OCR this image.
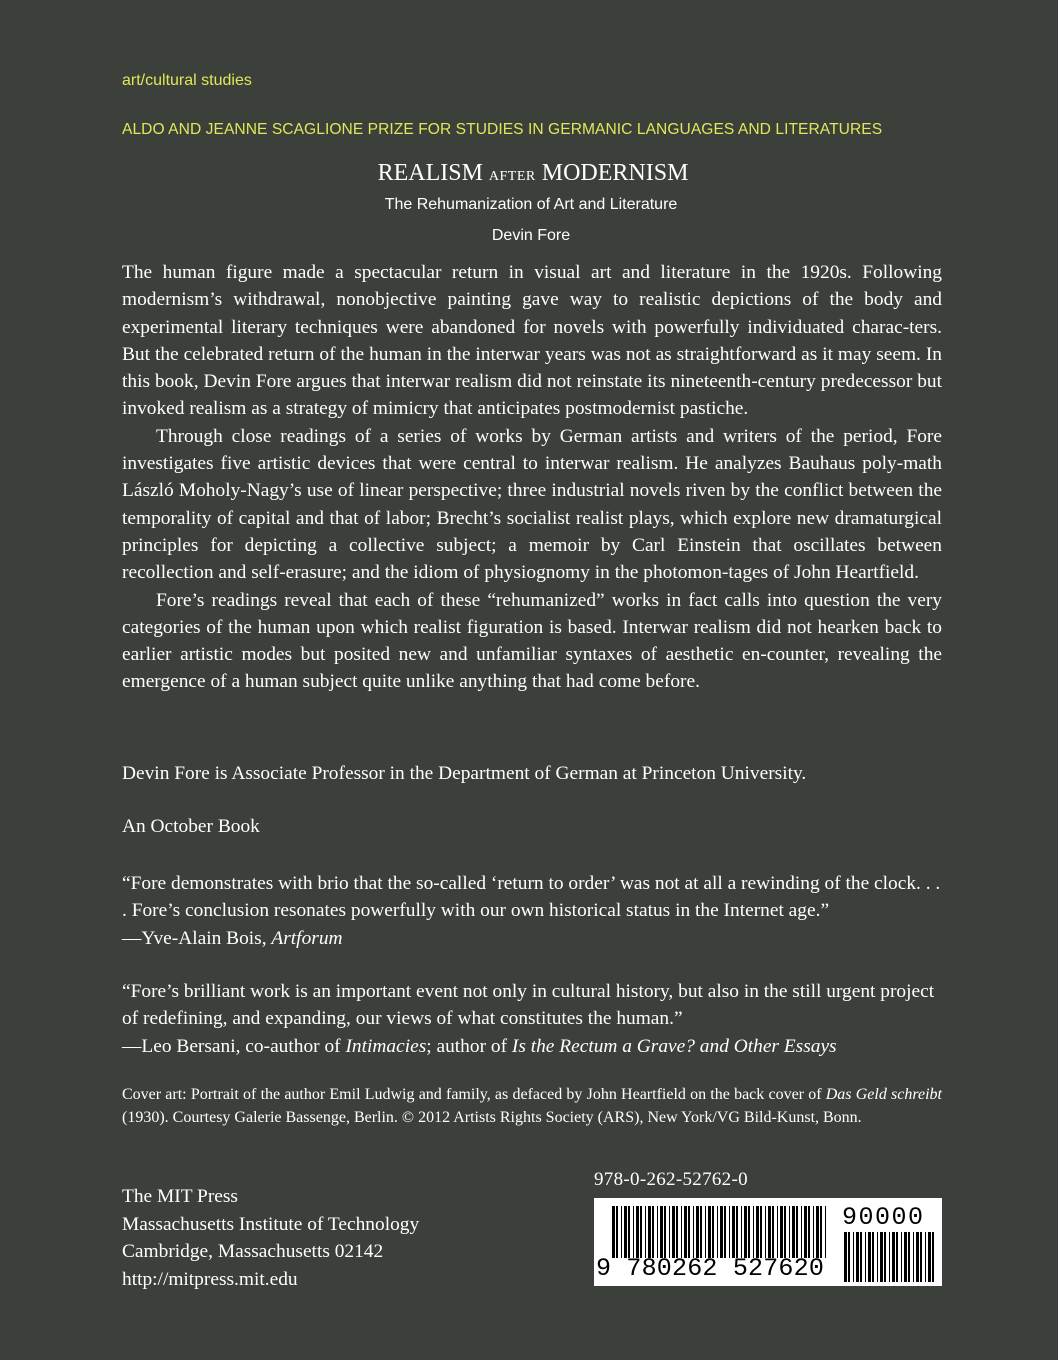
art/cultural studies
ALDO AND JEANNE SCAGLIONE PRIZE FOR STUDIES IN GERMANIC LANGUAGES AND LITERATURES
REALISM AFTER MODERNISM
The Rehumanization of Art and Literature
Devin Fore

The human figure made a spectacular return in visual art and literature in the 1920s. Following modernism’s withdrawal, nonobjective painting gave way to realistic depictions of the body and experimental literary techniques were abandoned for novels with powerfully individuated charac-ters. But the celebrated return of the human in the interwar years was not as straightforward as it may seem. In this book, Devin Fore argues that interwar realism did not reinstate its nineteenth-century predecessor but invoked realism as a strategy of mimicry that anticipates postmodernist pastiche.

Through close readings of a series of works by German artists and writers of the period, Fore investigates five artistic devices that were central to interwar realism. He analyzes Bauhaus poly-math László Moholy-Nagy’s use of linear perspective; three industrial novels riven by the conflict between the temporality of capital and that of labor; Brecht’s socialist realist plays, which explore new dramaturgical principles for depicting a collective subject; a memoir by Carl Einstein that oscillates between recollection and self-erasure; and the idiom of physiognomy in the photomon-tages of John Heartfield.

Fore’s readings reveal that each of these “rehumanized” works in fact calls into question the very categories of the human upon which realist figuration is based. Interwar realism did not hearken back to earlier artistic modes but posited new and unfamiliar syntaxes of aesthetic en-counter, revealing the emergence of a human subject quite unlike anything that had come before.

Devin Fore is Associate Professor in the Department of German at Princeton University.
An October Book

“Fore demonstrates with brio that the so-called ‘return to order’ was not at all a rewinding of the clock. . . . Fore’s conclusion resonates powerfully with our own historical status in the Internet age.”

—Yve-Alain Bois, Artforum

“Fore’s brilliant work is an important event not only in cultural history, but also in the still urgent project of redefining, and expanding, our views of what constitutes the human.”

—Leo Bersani, co-author of Intimacies; author of Is the Rectum a Grave? and Other Essays

Cover art: Portrait of the author Emil Ludwig and family, as defaced by John Heartfield on the back cover of Das Geld schreibt (1930). Courtesy Galerie Bassenge, Berlin. © 2012 Artists Rights Society (ARS), New York/VG Bild-Kunst, Bonn.
The MIT Press
Massachusetts Institute of Technology
Cambridge, Massachusetts 02142
http://mitpress.mit.edu
978-0-262-52762-0
9 780262 527620
90000
